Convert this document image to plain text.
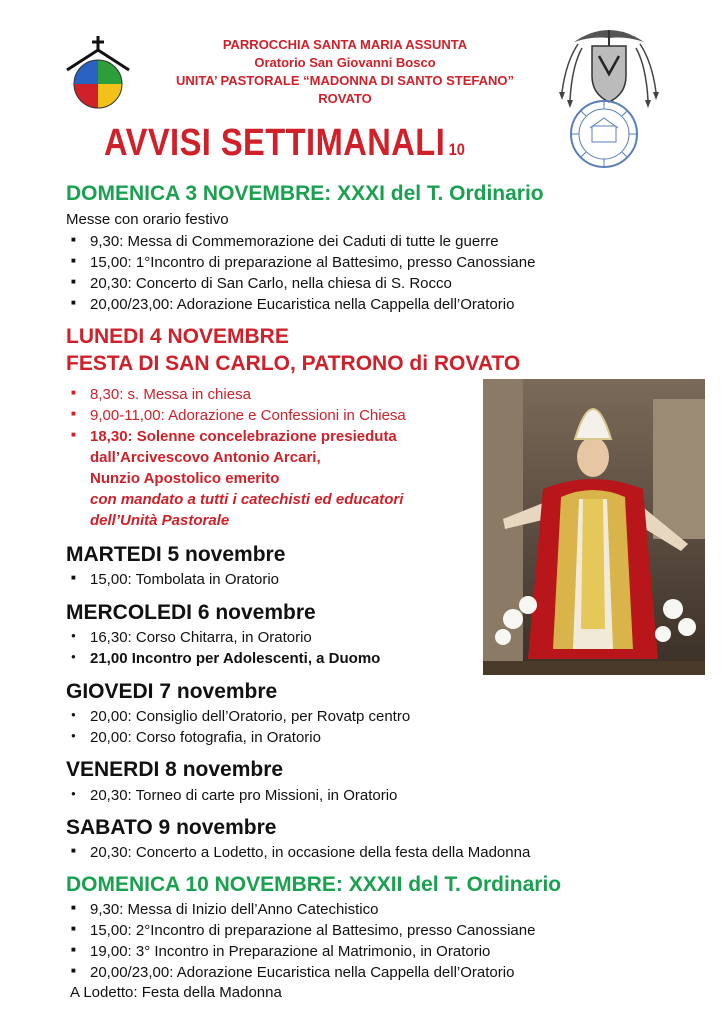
PARROCCHIA SANTA MARIA ASSUNTA
Oratorio San Giovanni Bosco
UNITA’ PASTORALE “MADONNA DI SANTO STEFANO”
ROVATO
AVVISI SETTIMANALI 10
DOMENICA 3 NOVEMBRE: XXXI del T. Ordinario
Messe con orario festivo
■
9,30: Messa di Commemorazione dei Caduti di tutte le guerre
■
15,00: 1°Incontro di preparazione al Battesimo, presso Canossiane
■
20,30: Concerto di San Carlo, nella chiesa di S. Rocco
■
20,00/23,00: Adorazione Eucaristica nella Cappella dell’Oratorio
LUNEDI 4 NOVEMBRE
FESTA DI SAN CARLO, PATRONO di ROVATO
■
8,30: s. Messa in chiesa
■
9,00-11,00: Adorazione e Confessioni in Chiesa
■
18,30: Solenne concelebrazione presieduta
dall’Arcivescovo Antonio Arcari,
Nunzio Apostolico emerito
con mandato a tutti i catechisti ed educatori
dell’Unità Pastorale
MARTEDI 5 novembre
■
15,00: Tombolata in Oratorio
MERCOLEDI 6 novembre
●
16,30: Corso Chitarra, in Oratorio
●
21,00 Incontro per Adolescenti, a Duomo
GIOVEDI 7 novembre
●
20,00: Consiglio dell’Oratorio, per Rovatp centro
●
20,00: Corso fotografia, in Oratorio
VENERDI 8 novembre
●
20,30: Torneo di carte pro Missioni, in Oratorio
SABATO 9 novembre
■
20,30: Concerto a Lodetto, in occasione della festa della Madonna
DOMENICA 10 NOVEMBRE: XXXII del T. Ordinario
■
9,30: Messa di Inizio dell’Anno Catechistico
■
15,00: 2°Incontro di preparazione al Battesimo, presso Canossiane
■
19,00: 3° Incontro in Preparazione al Matrimonio, in Oratorio
■
20,00/23,00: Adorazione Eucaristica nella Cappella dell’Oratorio
A Lodetto: Festa della Madonna
